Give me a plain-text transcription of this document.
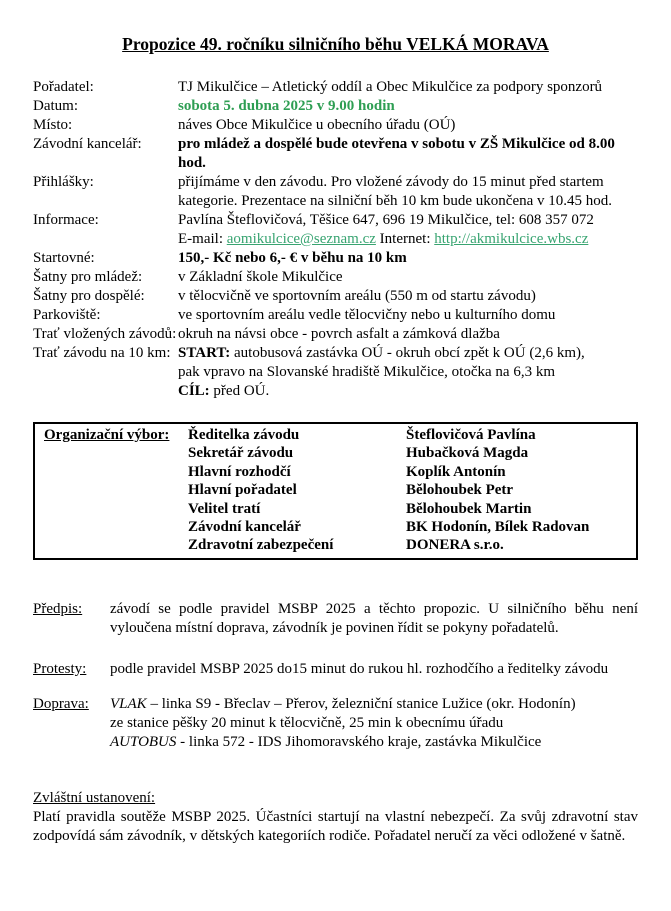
Propozice 49. ročníku silničního běhu VELKÁ MORAVA
Pořadatel:	TJ Mikulčice – Atletický oddíl a Obec Mikulčice za podpory sponzorů
Datum:	sobota 5. dubna 2025 v 9.00 hodin
Místo:	náves Obce Mikulčice u obecního úřadu (OÚ)
Závodní kancelář:	pro mládež a dospělé bude otevřena v sobotu v ZŠ Mikulčice od 8.00 hod.
Přihlášky:	přijímáme v den závodu. Pro vložené závody do 15 minut před startem
kategorie. Prezentace na silniční běh 10 km bude ukončena v 10.45 hod.
Informace:	Pavlína Šteflovičová, Těšice 647, 696 19 Mikulčice, tel: 608 357 072
E-mail: aomikulcice@seznam.cz Internet: http://akmikulcice.wbs.cz
Startovné:	150,- Kč nebo 6,- € v běhu na 10 km
Šatny pro mládež:	v Základní škole Mikulčice
Šatny pro dospělé:	v tělocvičně ve sportovním areálu (550 m od startu závodu)
Parkoviště:	ve sportovním areálu vedle tělocvičny nebo u kulturního domu
Trať vložených závodů: okruh na návsi obce - povrch asfalt a zámková dlažba
Trať závodu na 10 km: START: autobusová zastávka OÚ - okruh obcí zpět k OÚ (2,6 km),
pak vpravo na Slovanské hradiště Mikulčice, otočka na 6,3 km
CÍL: před OÚ.
Organizační výbor:	Ředitelka závodu	Šteflovičová Pavlína
Sekretář závodu	Hubačková Magda
Hlavní rozhodčí	Koplík Antonín
Hlavní pořadatel	Bělohoubek Petr
Velitel tratí	Bělohoubek Martin
Závodní kancelář	BK Hodonín, Bílek Radovan
Zdravotní zabezpečení	DONERA s.r.o.
Předpis:	závodí se podle pravidel MSBP 2025 a těchto propozic. U silničního běhu není vyloučena místní doprava, závodník je povinen řídit se pokyny pořadatelů.
Protesty:	podle pravidel MSBP 2025 do15 minut do rukou hl. rozhodčího a ředitelky závodu
Doprava:	VLAK – linka S9 - Břeclav – Přerov, železniční stanice Lužice (okr. Hodonín)
ze stanice pěšky 20 minut k tělocvičně, 25 min k obecnímu úřadu
AUTOBUS - linka 572 - IDS Jihomoravského kraje, zastávka Mikulčice
Zvláštní ustanovení:
Platí pravidla soutěže MSBP 2025. Účastníci startují na vlastní nebezpečí. Za svůj zdravotní stav zodpovídá sám závodník, v dětských kategoriích rodiče. Pořadatel neručí za věci odložené v šatně.
